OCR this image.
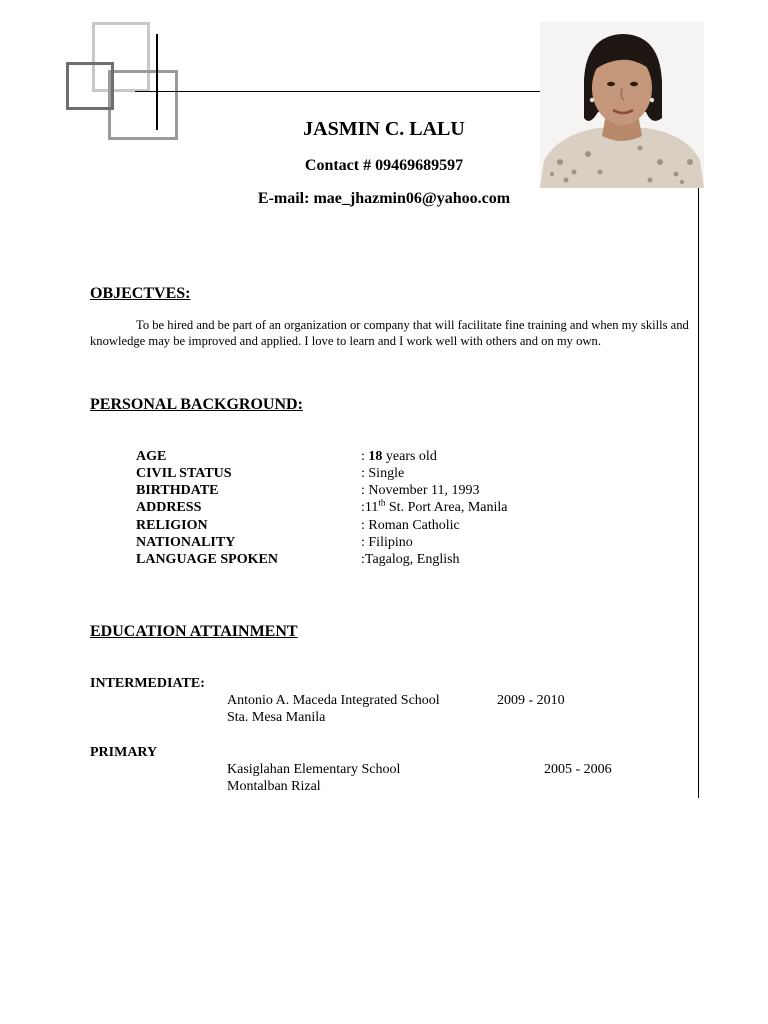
JASMIN C. LALU
Contact # 09469689597
E-mail: mae_jhazmin06@yahoo.com
OBJECTVES:
To be hired and be part of an organization or company that will facilitate fine training and when my skills and knowledge may be improved and applied. I love to learn and I work well with others and on my own.
PERSONAL BACKGROUND:
AGE	: 18 years old
CIVIL STATUS	: Single
BIRTHDATE	: November 11, 1993
ADDRESS	:11th St. Port Area, Manila
RELIGION	: Roman Catholic
NATIONALITY	: Filipino
LANGUAGE SPOKEN	:Tagalog, English
EDUCATION ATTAINMENT
INTERMEDIATE:
Antonio A. Maceda Integrated School	2009 - 2010
Sta. Mesa Manila
PRIMARY
Kasiglahan Elementary School	2005 - 2006
Montalban Rizal
